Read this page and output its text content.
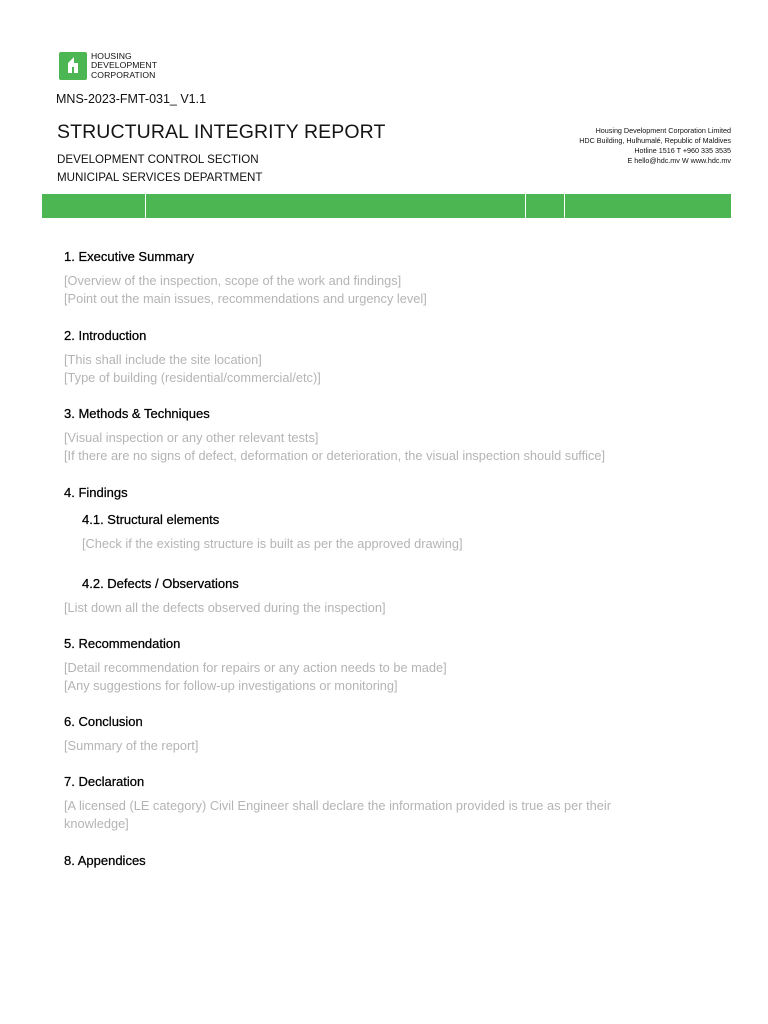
HOUSING
DEVELOPMENT
CORPORATION
MNS-2023-FMT-031_ V1.1
STRUCTURAL INTEGRITY REPORT
DEVELOPMENT CONTROL SECTION
MUNICIPAL SERVICES DEPARTMENT
Housing Development Corporation Limited
HDC Building, Hulhumalé, Republic of Maldives
Hotline 1516 T +960 335 3535
E hello@hdc.mv W www.hdc.mv
1. Executive Summary

[Overview of the inspection, scope of the work and findings]

[Point out the main issues, recommendations and urgency level]

2. Introduction

[This shall include the site location]

[Type of building (residential/commercial/etc)]

3. Methods & Techniques

[Visual inspection or any other relevant tests]

[If there are no signs of defect, deformation or deterioration, the visual inspection should suffice]

4. Findings
4.1. Structural elements

[Check if the existing structure is built as per the approved drawing]

4.2. Defects / Observations

[List down all the defects observed during the inspection]

5. Recommendation

[Detail recommendation for repairs or any action needs to be made]

[Any suggestions for follow-up investigations or monitoring]

6. Conclusion

[Summary of the report]

7. Declaration

[A licensed (LE category) Civil Engineer shall declare the information provided is true as per their

knowledge]

8. Appendices
